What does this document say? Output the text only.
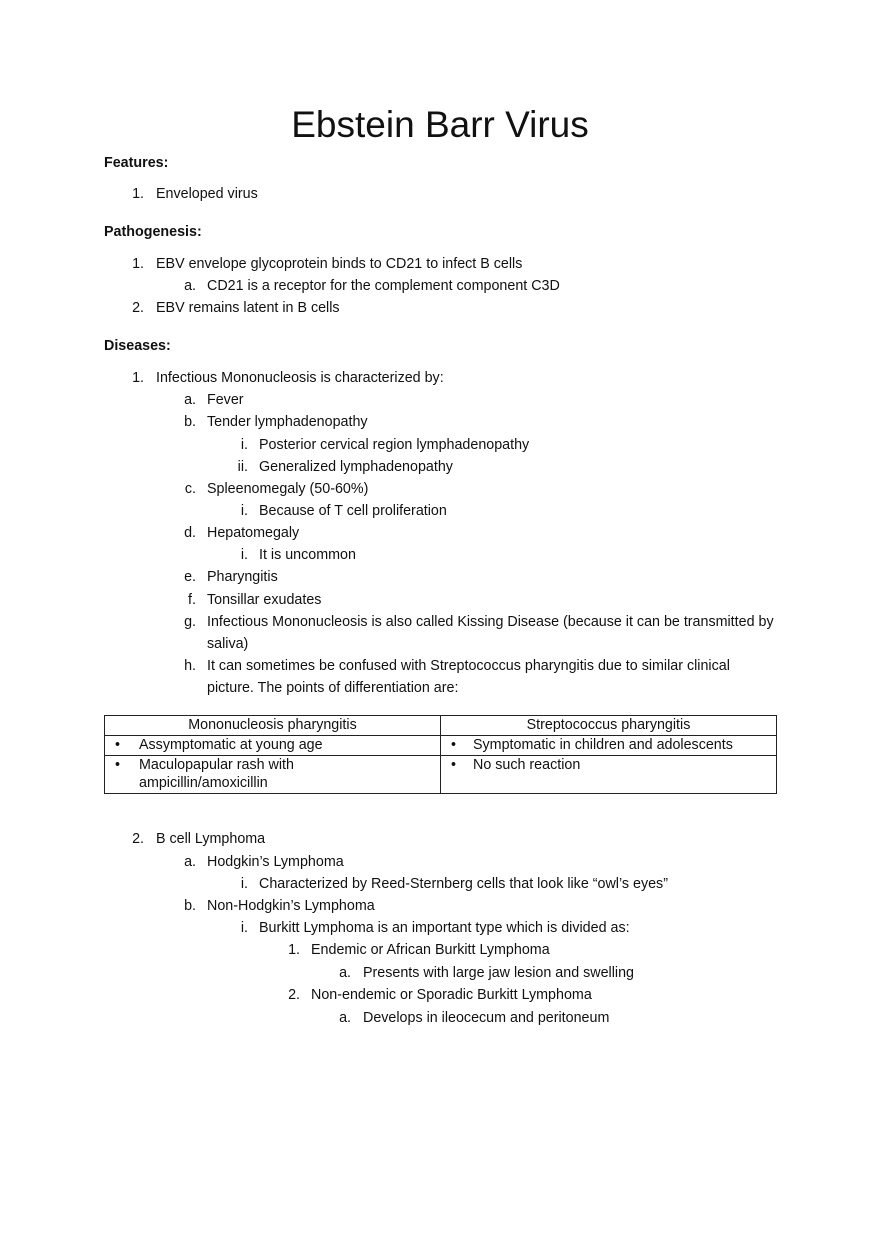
Ebstein Barr Virus
Features:
1. Enveloped virus
Pathogenesis:
1. EBV envelope glycoprotein binds to CD21 to infect B cells
a. CD21 is a receptor for the complement component C3D
2. EBV remains latent in B cells
Diseases:
1. Infectious Mononucleosis is characterized by:
a. Fever
b. Tender lymphadenopathy
i. Posterior cervical region lymphadenopathy
ii. Generalized lymphadenopathy
c. Spleenomegaly (50-60%)
i. Because of T cell proliferation
d. Hepatomegaly
i. It is uncommon
e. Pharyngitis
f. Tonsillar exudates
g. Infectious Mononucleosis is also called Kissing Disease (because it can be transmitted by
saliva)
h. It can sometimes be confused with Streptococcus pharyngitis due to similar clinical
picture. The points of differentiation are:
Mononucleosis pharyngitis	Streptococcus pharyngitis

• Assymptomatic at young age	• Symptomatic in children and adolescents

• Maculopapular rash with ampicillin/amoxicillin	• No such reaction
2. B cell Lymphoma
a. Hodgkin’s Lymphoma
i. Characterized by Reed-Sternberg cells that look like “owl’s eyes”
b. Non-Hodgkin’s Lymphoma
i. Burkitt Lymphoma is an important type which is divided as:
1. Endemic or African Burkitt Lymphoma
a. Presents with large jaw lesion and swelling
2. Non-endemic or Sporadic Burkitt Lymphoma
a. Develops in ileocecum and peritoneum
